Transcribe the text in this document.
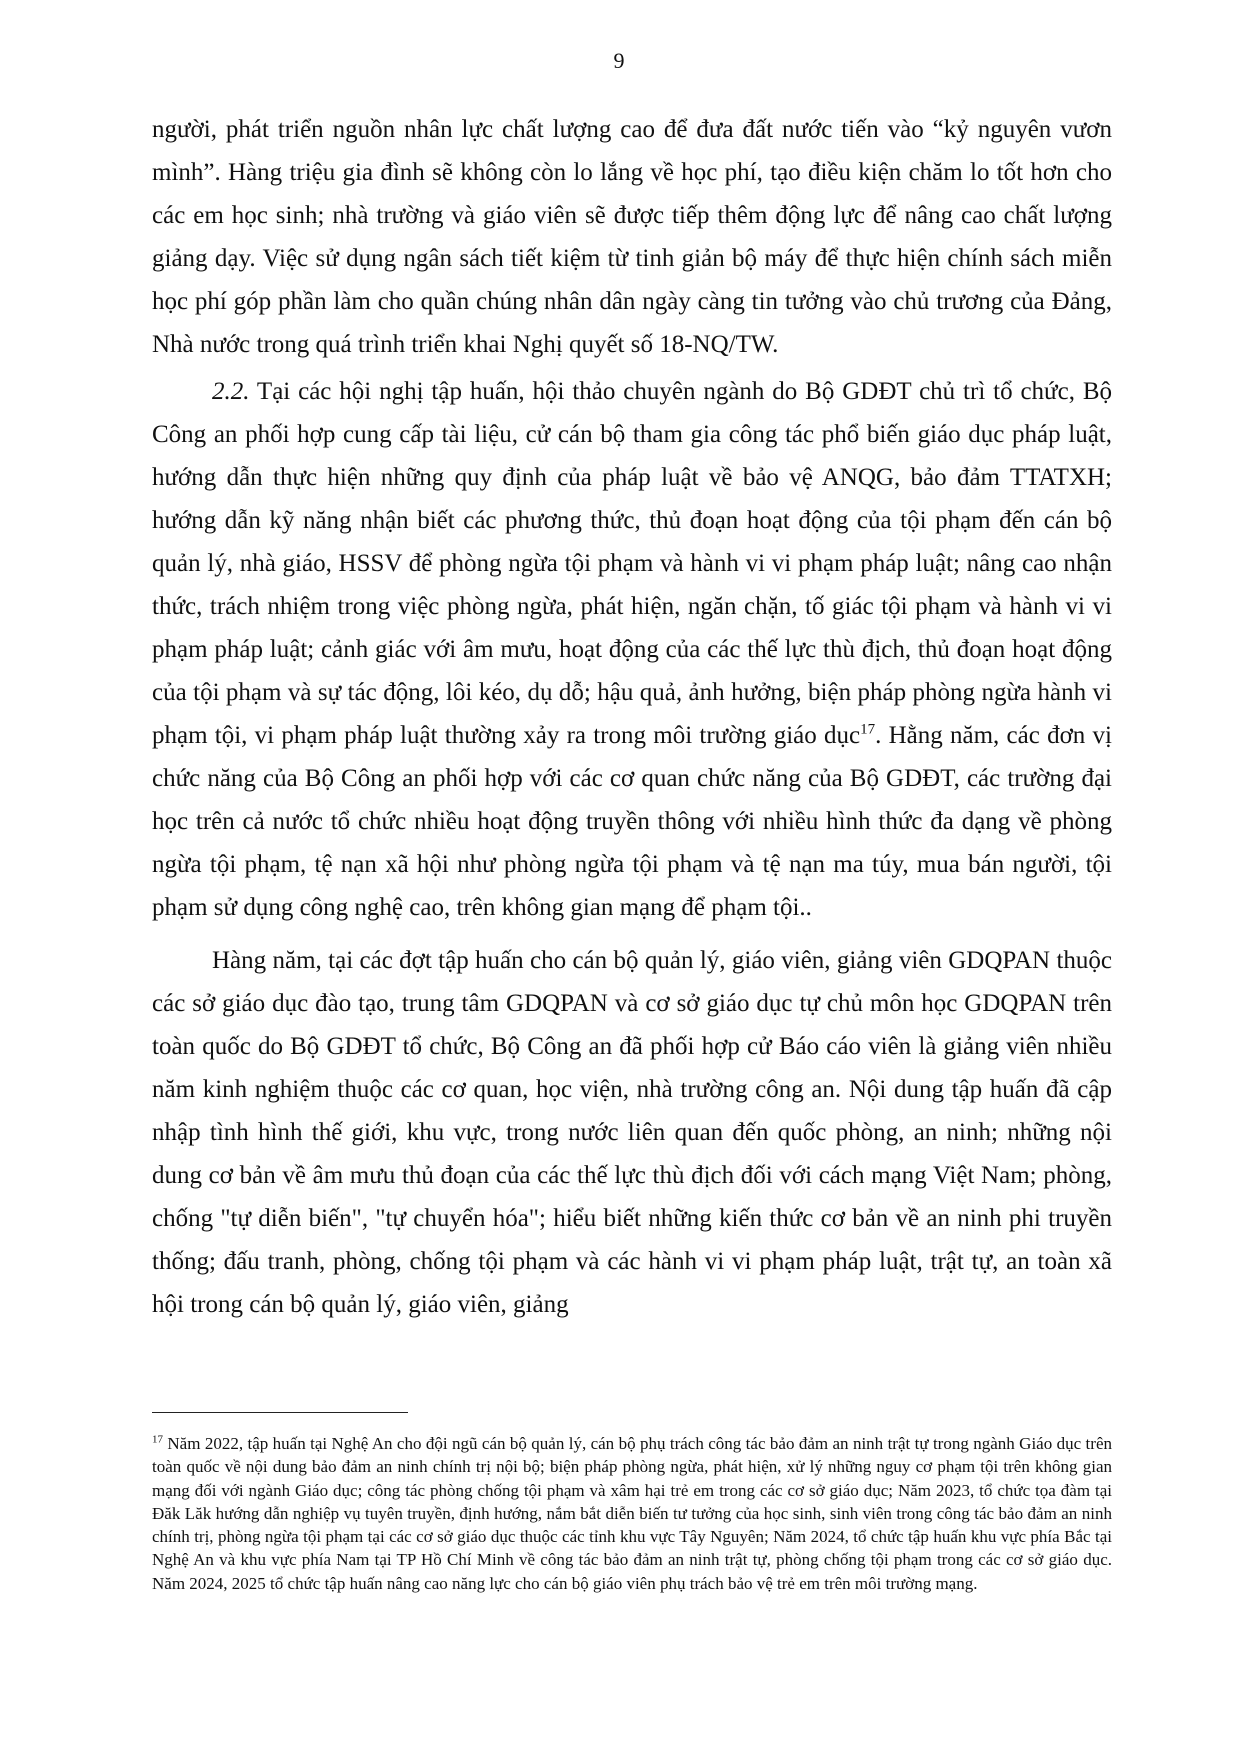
9

người, phát triển nguồn nhân lực chất lượng cao để đưa đất nước tiến vào “kỷ nguyên vươn mình”. Hàng triệu gia đình sẽ không còn lo lắng về học phí, tạo điều kiện chăm lo tốt hơn cho các em học sinh; nhà trường và giáo viên sẽ được tiếp thêm động lực để nâng cao chất lượng giảng dạy. Việc sử dụng ngân sách tiết kiệm từ tinh giản bộ máy để thực hiện chính sách miễn học phí góp phần làm cho quần chúng nhân dân ngày càng tin tưởng vào chủ trương của Đảng, Nhà nước trong quá trình triển khai Nghị quyết số 18-NQ/TW.

2.2. Tại các hội nghị tập huấn, hội thảo chuyên ngành do Bộ GDĐT chủ trì tổ chức, Bộ Công an phối hợp cung cấp tài liệu, cử cán bộ tham gia công tác phổ biến giáo dục pháp luật, hướng dẫn thực hiện những quy định của pháp luật về bảo vệ ANQG, bảo đảm TTATXH; hướng dẫn kỹ năng nhận biết các phương thức, thủ đoạn hoạt động của tội phạm đến cán bộ quản lý, nhà giáo, HSSV để phòng ngừa tội phạm và hành vi vi phạm pháp luật; nâng cao nhận thức, trách nhiệm trong việc phòng ngừa, phát hiện, ngăn chặn, tố giác tội phạm và hành vi vi phạm pháp luật; cảnh giác với âm mưu, hoạt động của các thế lực thù địch, thủ đoạn hoạt động của tội phạm và sự tác động, lôi kéo, dụ dỗ; hậu quả, ảnh hưởng, biện pháp phòng ngừa hành vi phạm tội, vi phạm pháp luật thường xảy ra trong môi trường giáo dục$^{17}$. Hằng năm, các đơn vị chức năng của Bộ Công an phối hợp với các cơ quan chức năng của Bộ GDĐT, các trường đại học trên cả nước tổ chức nhiều hoạt động truyền thông với nhiều hình thức đa dạng về phòng ngừa tội phạm, tệ nạn xã hội như phòng ngừa tội phạm và tệ nạn ma túy, mua bán người, tội phạm sử dụng công nghệ cao, trên không gian mạng để phạm tội..

Hàng năm, tại các đợt tập huấn cho cán bộ quản lý, giáo viên, giảng viên GDQPAN thuộc các sở giáo dục đào tạo, trung tâm GDQPAN và cơ sở giáo dục tự chủ môn học GDQPAN trên toàn quốc do Bộ GDĐT tổ chức, Bộ Công an đã phối hợp cử Báo cáo viên là giảng viên nhiều năm kinh nghiệm thuộc các cơ quan, học viện, nhà trường công an. Nội dung tập huấn đã cập nhập tình hình thế giới, khu vực, trong nước liên quan đến quốc phòng, an ninh; những nội dung cơ bản về âm mưu thủ đoạn của các thế lực thù địch đối với cách mạng Việt Nam; phòng, chống "tự diễn biến", "tự chuyển hóa"; hiểu biết những kiến thức cơ bản về an ninh phi truyền thống; đấu tranh, phòng, chống tội phạm và các hành vi vi phạm pháp luật, trật tự, an toàn xã hội trong cán bộ quản lý, giáo viên, giảng

$^{17}$ Năm 2022, tập huấn tại Nghệ An cho đội ngũ cán bộ quản lý, cán bộ phụ trách công tác bảo đảm an ninh trật tự trong ngành Giáo dục trên toàn quốc về nội dung bảo đảm an ninh chính trị nội bộ; biện pháp phòng ngừa, phát hiện, xử lý những nguy cơ phạm tội trên không gian mạng đối với ngành Giáo dục; công tác phòng chống tội phạm và xâm hại trẻ em trong các cơ sở giáo dục; Năm 2023, tổ chức tọa đàm tại Đăk Lăk hướng dẫn nghiệp vụ tuyên truyền, định hướng, nắm bắt diễn biến tư tưởng của học sinh, sinh viên trong công tác bảo đảm an ninh chính trị, phòng ngừa tội phạm tại các cơ sở giáo dục thuộc các tỉnh khu vực Tây Nguyên; Năm 2024, tổ chức tập huấn khu vực phía Bắc tại Nghệ An và khu vực phía Nam tại TP Hồ Chí Minh về công tác bảo đảm an ninh trật tự, phòng chống tội phạm trong các cơ sở giáo dục. Năm 2024, 2025 tổ chức tập huấn nâng cao năng lực cho cán bộ giáo viên phụ trách bảo vệ trẻ em trên môi trường mạng.
